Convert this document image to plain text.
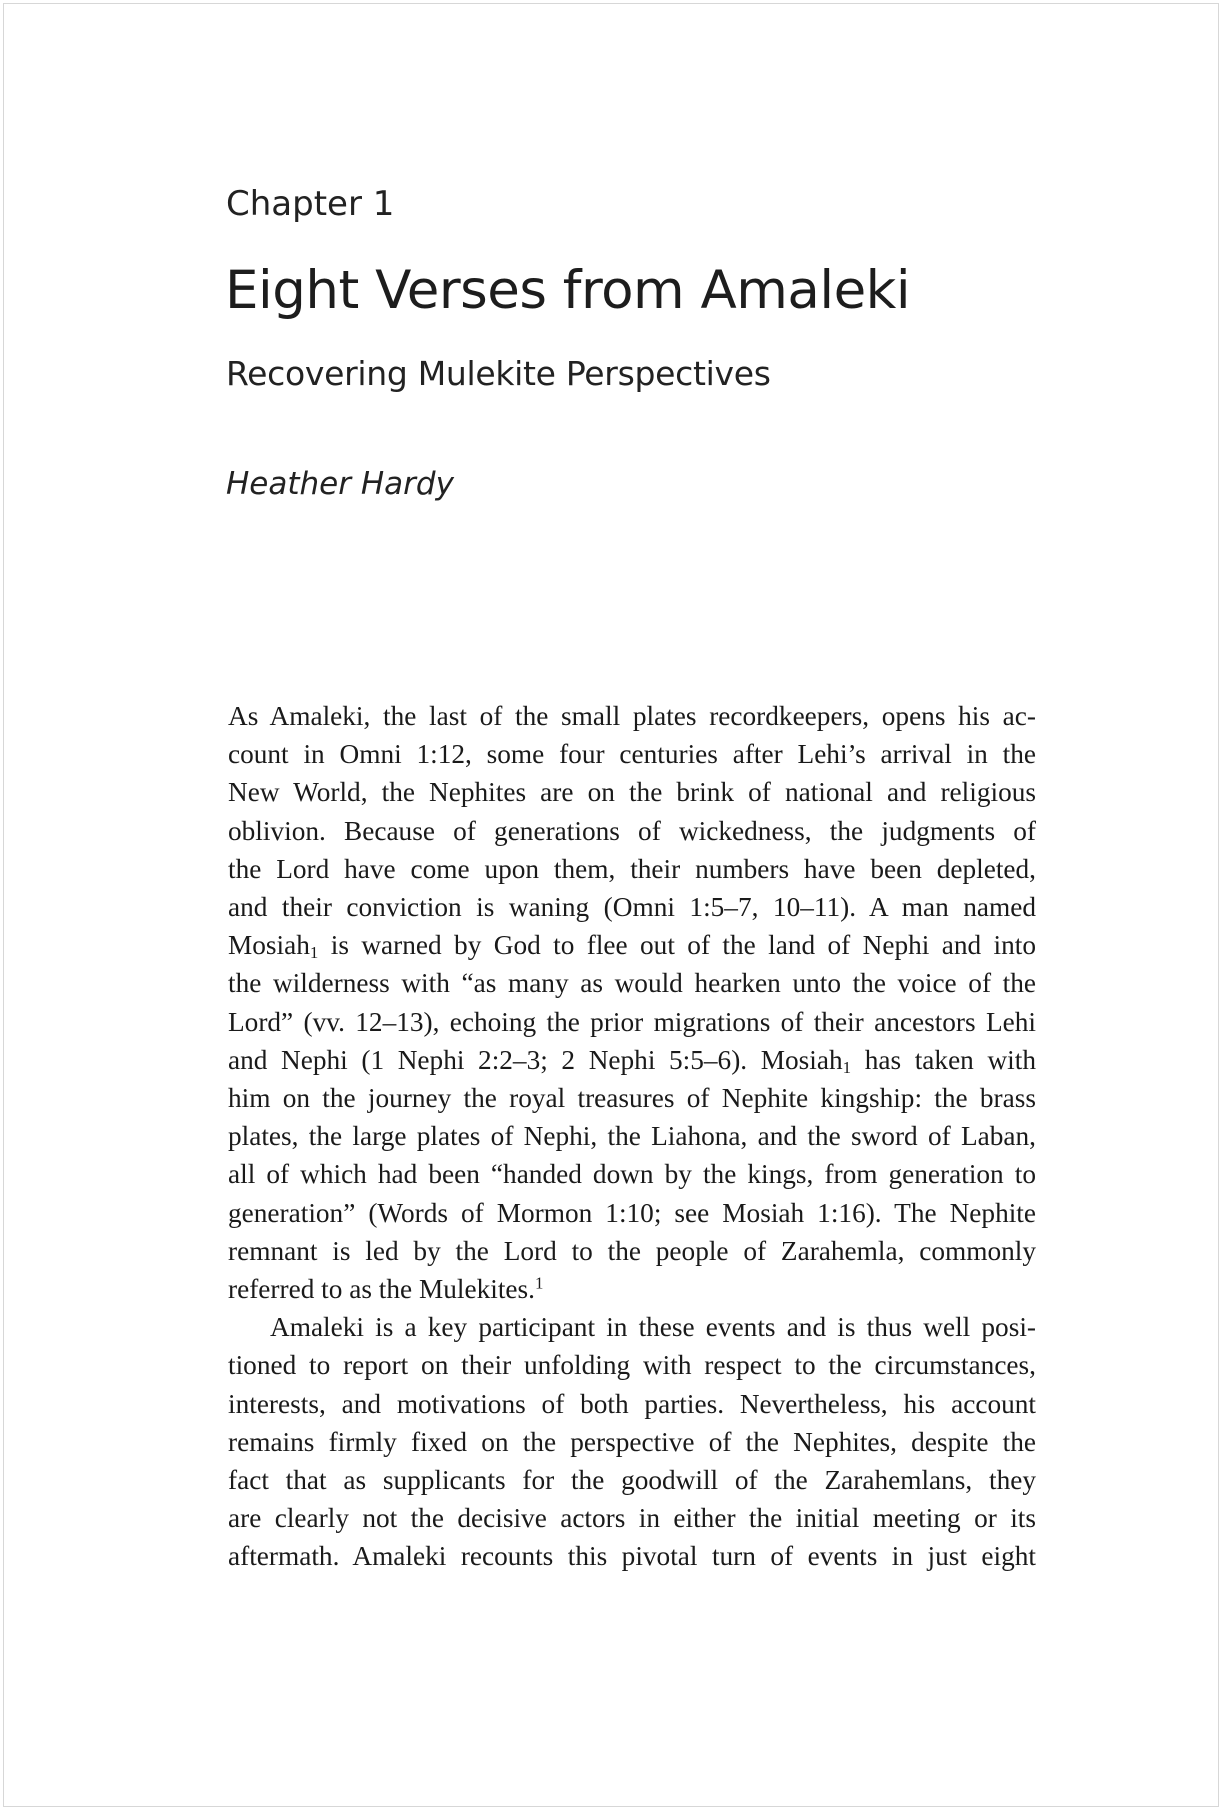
Chapter 1
Eight Verses from Amaleki
Recovering Mulekite Perspectives
Heather Hardy

As Amaleki, the last of the small plates recordkeepers, opens his ac-
count in Omni 1:12, some four centuries after Lehi’s arrival in the
New World, the Nephites are on the brink of national and religious
oblivion. Because of generations of wickedness, the judgments of
the Lord have come upon them, their numbers have been depleted,
and their conviction is waning (Omni 1:5–7, 10–11). A man named
Mosiah$_1$ is warned by God to flee out of the land of Nephi and into
the wilderness with “as many as would hearken unto the voice of the
Lord” (vv. 12–13), echoing the prior migrations of their ancestors Lehi
and Nephi (1 Nephi 2:2–3; 2 Nephi 5:5–6). Mosiah$_1$ has taken with
him on the journey the royal treasures of Nephite kingship: the brass
plates, the large plates of Nephi, the Liahona, and the sword of Laban,
all of which had been “handed down by the kings, from generation to
generation” (Words of Mormon 1:10; see Mosiah 1:16). The Nephite
remnant is led by the Lord to the people of Zarahemla, commonly
referred to as the Mulekites.$^1$

Amaleki is a key participant in these events and is thus well posi-
tioned to report on their unfolding with respect to the circumstances,
interests, and motivations of both parties. Nevertheless, his account
remains firmly fixed on the perspective of the Nephites, despite the
fact that as supplicants for the goodwill of the Zarahemlans, they
are clearly not the decisive actors in either the initial meeting or its
aftermath. Amaleki recounts this pivotal turn of events in just eight
